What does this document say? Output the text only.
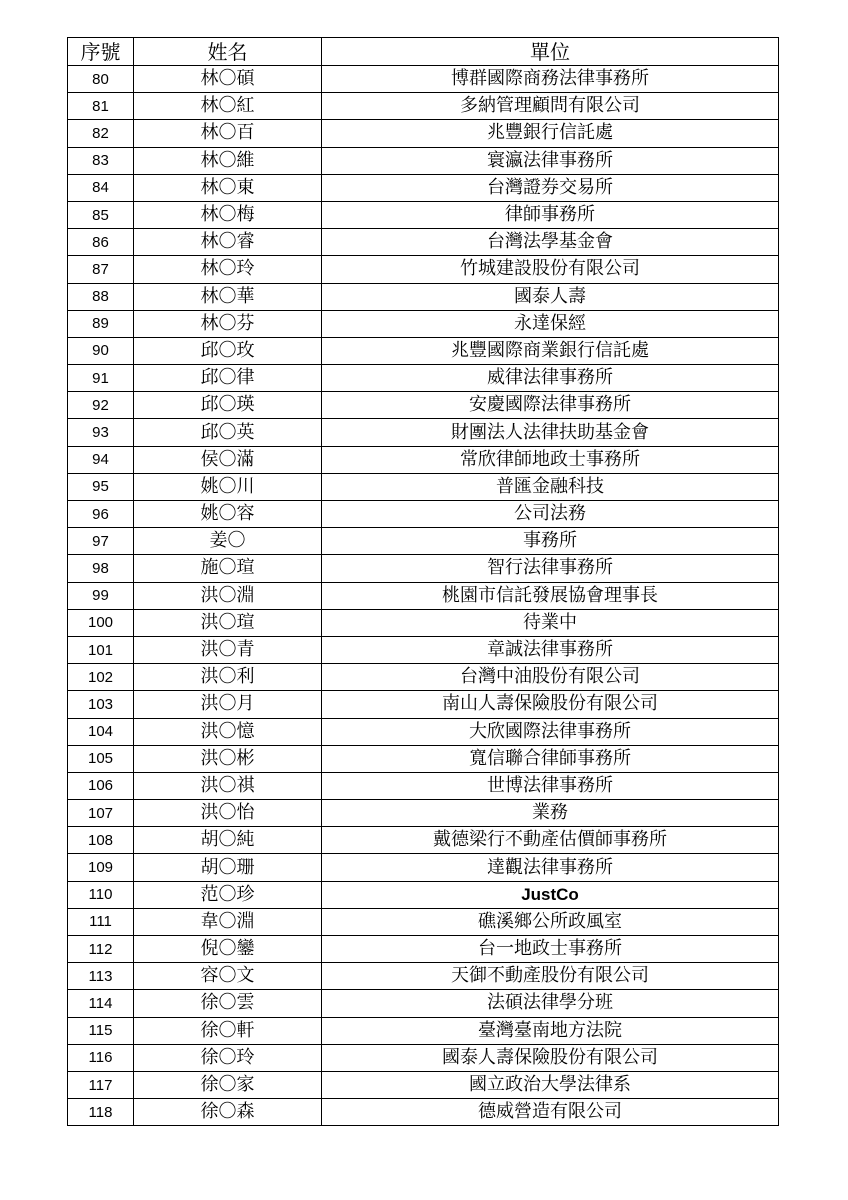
序號	姓名	單位
80	林〇碩	博群國際商務法律事務所
81	林〇紅	多納管理顧問有限公司
82	林〇百	兆豐銀行信託處
83	林〇維	寰瀛法律事務所
84	林〇東	台灣證券交易所
85	林〇梅	律師事務所
86	林〇睿	台灣法學基金會
87	林〇玲	竹城建設股份有限公司
88	林〇華	國泰人壽
89	林〇芬	永達保經
90	邱〇玫	兆豐國際商業銀行信託處
91	邱〇律	威律法律事務所
92	邱〇瑛	安慶國際法律事務所
93	邱〇英	財團法人法律扶助基金會
94	侯〇滿	常欣律師地政士事務所
95	姚〇川	普匯金融科技
96	姚〇容	公司法務
97	姜〇	事務所
98	施〇瑄	智行法律事務所
99	洪〇淵	桃園市信託發展協會理事長
100	洪〇瑄	待業中
101	洪〇青	章誠法律事務所
102	洪〇利	台灣中油股份有限公司
103	洪〇月	南山人壽保險股份有限公司
104	洪〇憶	大欣國際法律事務所
105	洪〇彬	寬信聯合律師事務所
106	洪〇祺	世博法律事務所
107	洪〇怡	業務
108	胡〇純	戴德梁行不動產估價師事務所
109	胡〇珊	達觀法律事務所
110	范〇珍	JustCo
111	韋〇淵	礁溪鄉公所政風室
112	倪〇鑾	台一地政士事務所
113	容〇文	天御不動產股份有限公司
114	徐〇雲	法碩法律學分班
115	徐〇軒	臺灣臺南地方法院
116	徐〇玲	國泰人壽保險股份有限公司
117	徐〇家	國立政治大學法律系
118	徐〇森	德威營造有限公司
